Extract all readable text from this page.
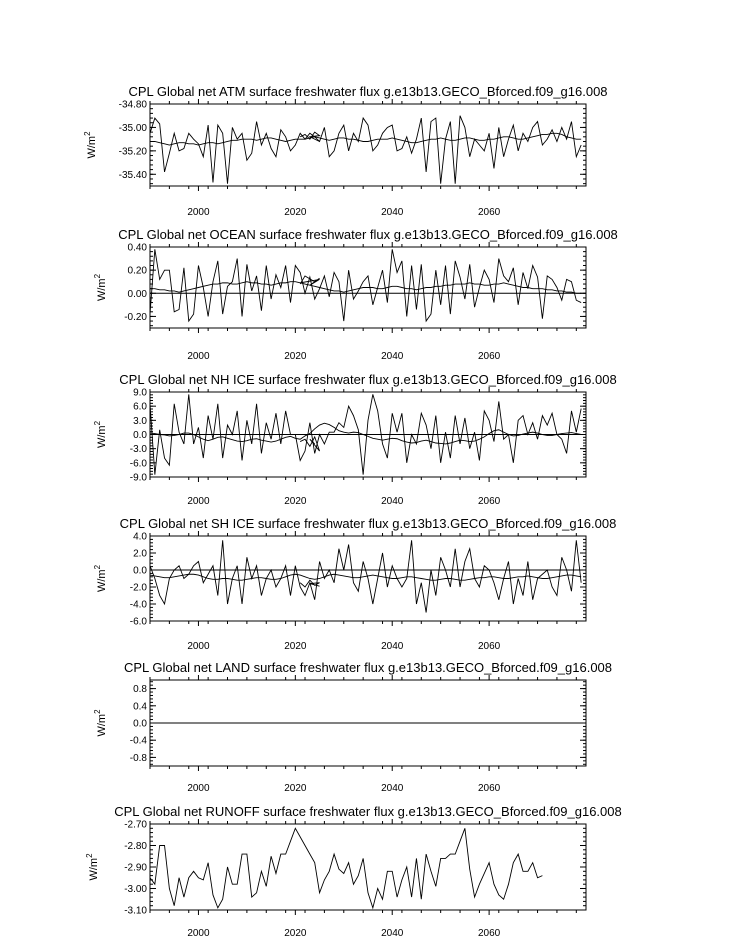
CPL Global net ATM surface freshwater flux g.e13b13.GECO_Bforced.f09_g16.008
-34.80
-35.00
-35.20
-35.40
2000	2020	2040	2060
$W/m^2$
CPL Global net OCEAN surface freshwater flux g.e13b13.GECO_Bforced.f09_g16.008
0.40
0.20
0.00
-0.20
2000	2020	2040	2060
$W/m^2$
CPL Global net NH ICE surface freshwater flux g.e13b13.GECO_Bforced.f09_g16.008
9.0
6.0
3.0
0.0
-3.0
-6.0
-9.0
2000	2020	2040	2060
$W/m^2$
CPL Global net SH ICE surface freshwater flux g.e13b13.GECO_Bforced.f09_g16.008
4.0
2.0
0.0
-2.0
-4.0
-6.0
2000	2020	2040	2060
$W/m^2$
CPL Global net LAND surface freshwater flux g.e13b13.GECO_Bforced.f09_g16.008
0.8
0.4
0.0
-0.4
-0.8
2000	2020	2040	2060
$W/m^2$
CPL Global net RUNOFF surface freshwater flux g.e13b13.GECO_Bforced.f09_g16.008
-2.70
-2.80
-2.90
-3.00
-3.10
2000	2020	2040	2060
$W/m^2$
